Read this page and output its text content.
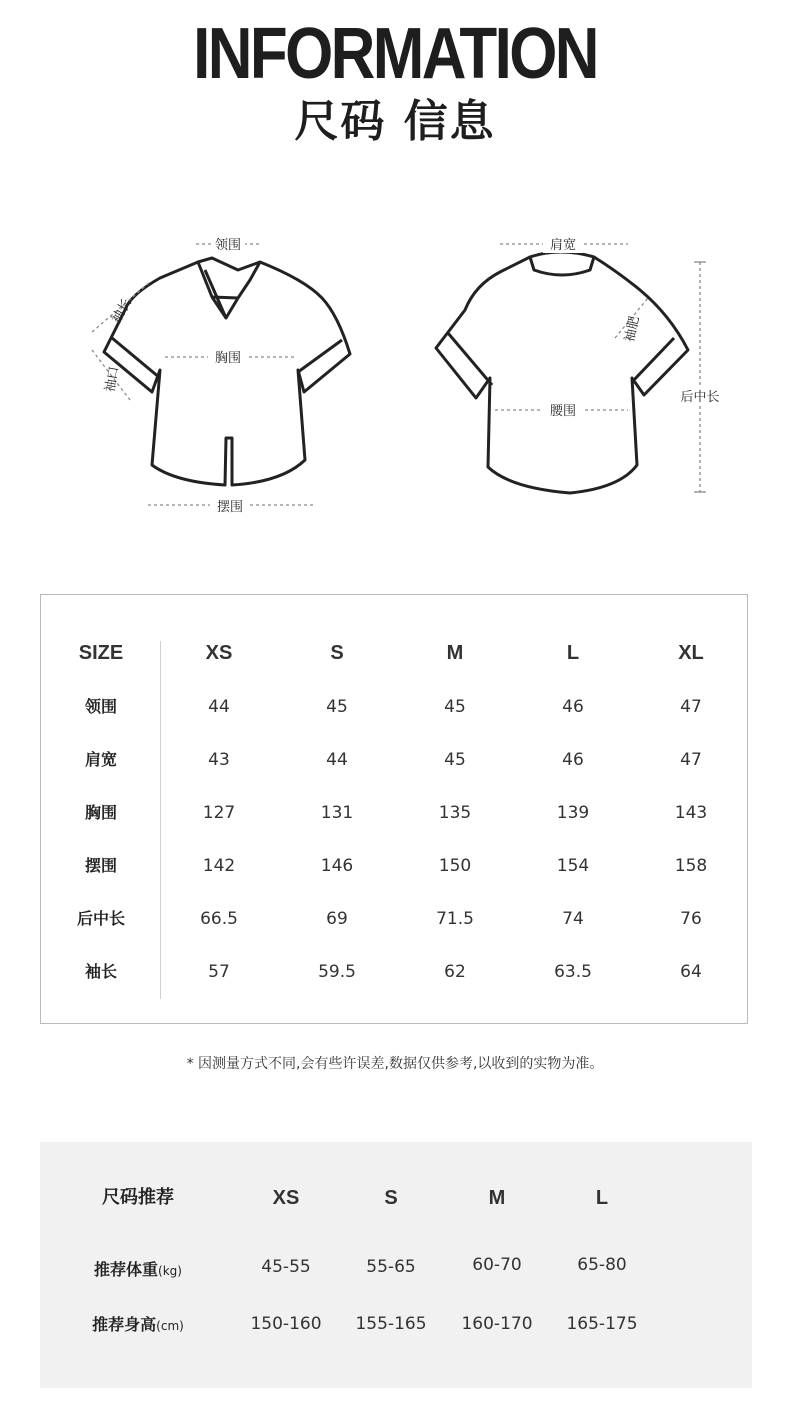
INFORMATION
尺码 信息
领围
胸围
摆围
袖长
袖口
肩宽
腰围
袖肥
后中长
SIZE	XS	S	M	L	XL
领围	44	45	45	46	47
肩宽	43	44	45	46	47
胸围	127	131	135	139	143
摆围	142	146	150	154	158
后中长	66.5	69	71.5	74	76
袖长	57	59.5	62	63.5	64
* 因测量方式不同,会有些许误差,数据仅供参考,以收到的实物为准。
尺码推荐	XS	S	M	L
推荐体重(kg)	45-55	55-65	60-70	65-80
推荐身高(cm)	150-160	155-165	160-170	165-175
